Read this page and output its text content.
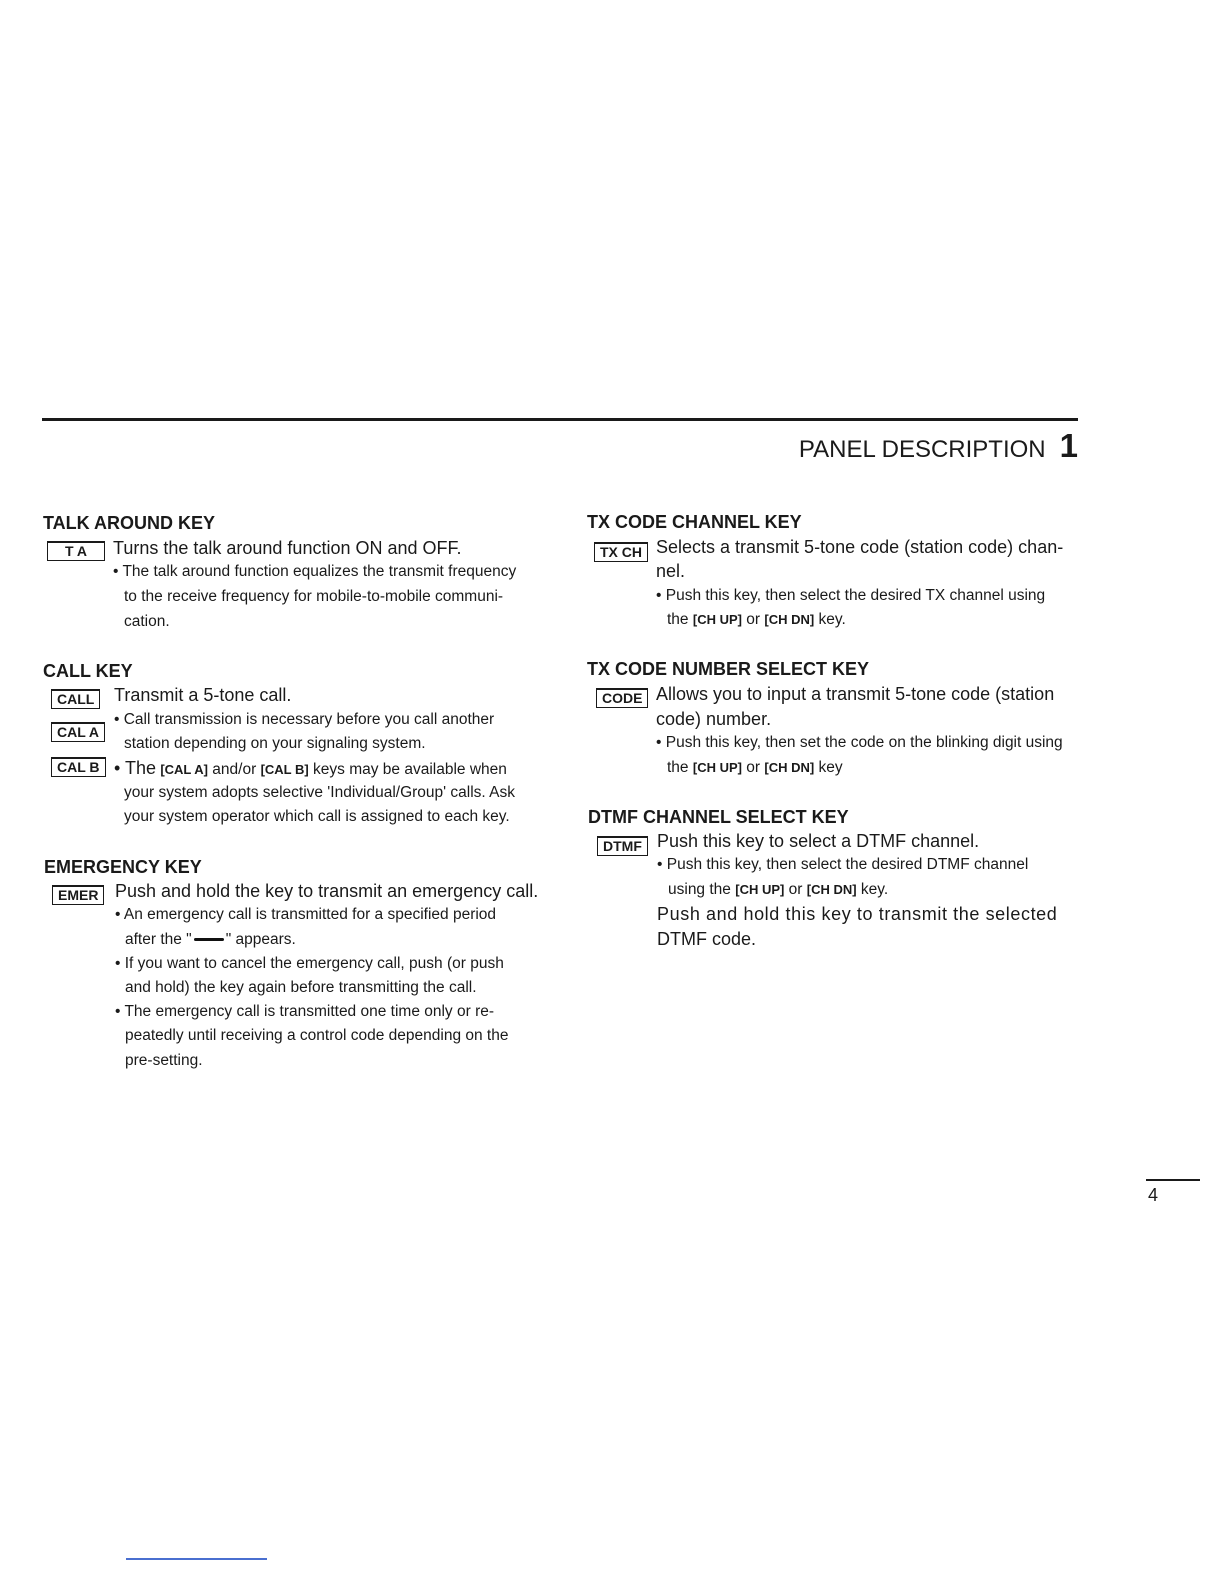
PANEL DESCRIPTION 1

TALK AROUND KEY

T A	Turns the talk around function ON and OFF.
• The talk around function equalizes the transmit frequency
to the receive frequency for mobile-to-mobile communi-
cation.

CALL KEY

CALL
CAL A
CAL B
Transmit a 5-tone call.
• Call transmission is necessary before you call another
station depending on your signaling system.
• The [CAL A] and/or [CAL B] keys may be available when
your system adopts selective 'Individual/Group' calls. Ask
your system operator which call is assigned to each key.

EMERGENCY KEY

EMER Push and hold the key to transmit an emergency call.
• An emergency call is transmitted for a specified period
after the " " appears.
• If you want to cancel the emergency call, push (or push
and hold) the key again before transmitting the call.
• The emergency call is transmitted one time only or re-
peatedly until receiving a control code depending on the
pre-setting.

TX CODE CHANNEL KEY

TX CH Selects a transmit 5-tone code (station code) chan-
nel.
• Push this key, then select the desired TX channel using
the [CH UP] or [CH DN] key.

TX CODE NUMBER SELECT KEY

CODE Allows you to input a transmit 5-tone code (station
code) number.
• Push this key, then set the code on the blinking digit using
the [CH UP] or [CH DN] key

DTMF CHANNEL SELECT KEY

DTMF Push this key to select a DTMF channel.
• Push this key, then select the desired DTMF channel
using the [CH UP] or [CH DN] key.
Push and hold this key to transmit the selected
DTMF code.
4
